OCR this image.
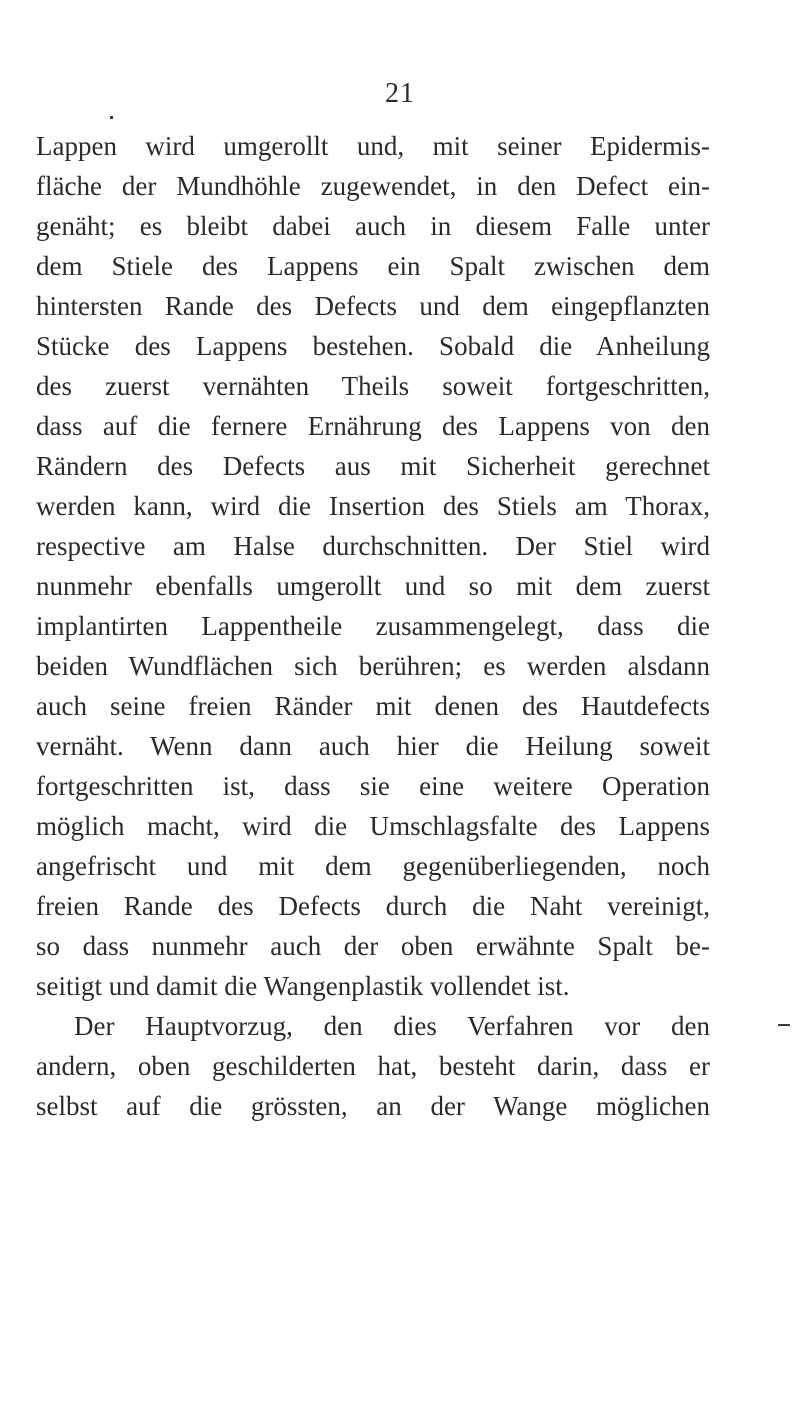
21
Lappen wird umgerollt und, mit seiner Epidermis-
fläche der Mundhöhle zugewendet, in den Defect ein-
genäht; es bleibt dabei auch in diesem Falle unter
dem Stiele des Lappens ein Spalt zwischen dem
hintersten Rande des Defects und dem eingepflanzten
Stücke des Lappens bestehen. Sobald die Anheilung
des zuerst vernähten Theils soweit fortgeschritten,
dass auf die fernere Ernährung des Lappens von den
Rändern des Defects aus mit Sicherheit gerechnet
werden kann, wird die Insertion des Stiels am Thorax,
respective am Halse durchschnitten. Der Stiel wird
nunmehr ebenfalls umgerollt und so mit dem zuerst
implantirten Lappentheile zusammengelegt, dass die
beiden Wundflächen sich berühren; es werden alsdann
auch seine freien Ränder mit denen des Hautdefects
vernäht. Wenn dann auch hier die Heilung soweit
fortgeschritten ist, dass sie eine weitere Operation
möglich macht, wird die Umschlagsfalte des Lappens
angefrischt und mit dem gegenüberliegenden, noch
freien Rande des Defects durch die Naht vereinigt,
so dass nunmehr auch der oben erwähnte Spalt be-
seitigt und damit die Wangenplastik vollendet ist.
Der Hauptvorzug, den dies Verfahren vor den
andern, oben geschilderten hat, besteht darin, dass er
selbst auf die grössten, an der Wange möglichen
